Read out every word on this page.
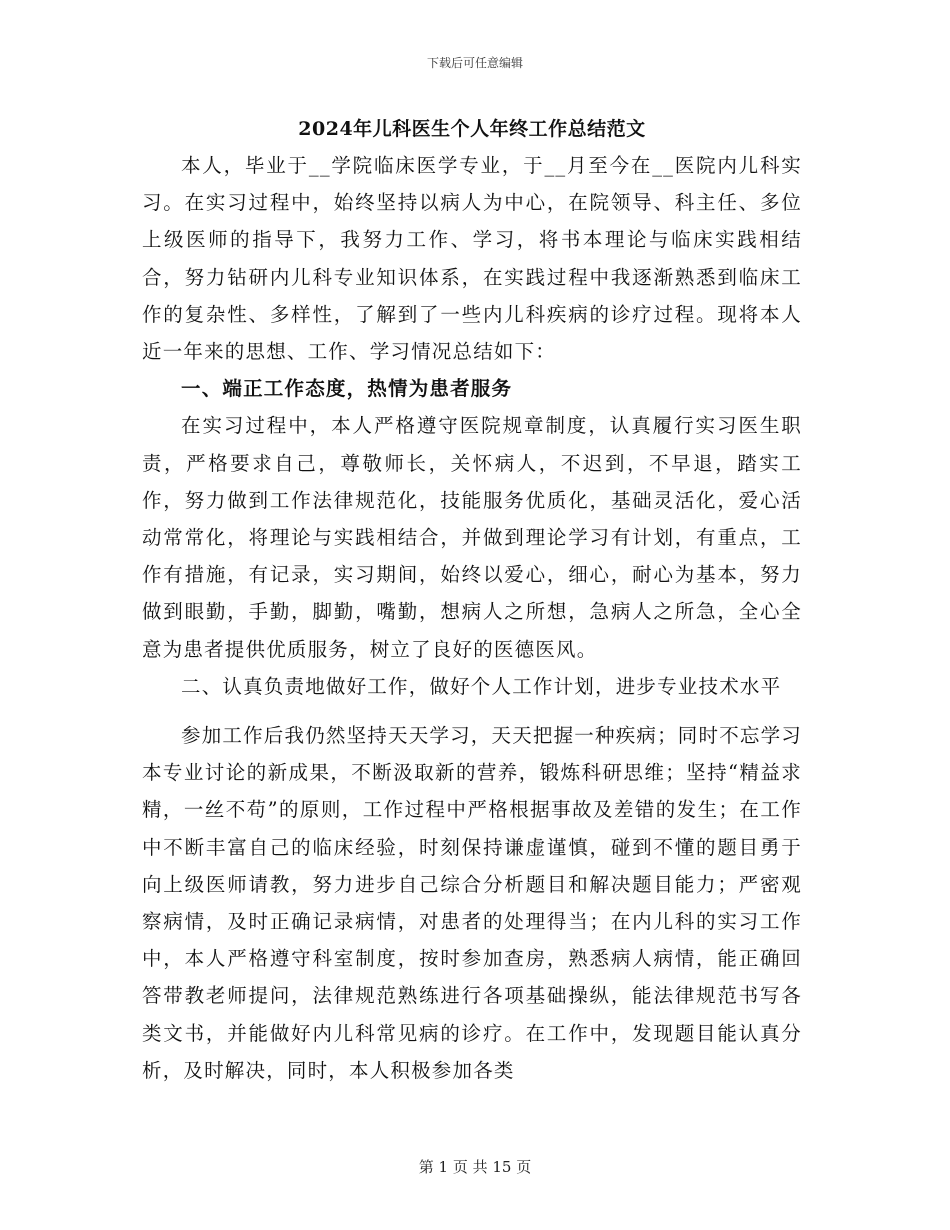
下载后可任意编辑
2024年儿科医生个人年终工作总结范文

本人，毕业于__学院临床医学专业，于__月至今在__医院内儿科实习。在实习过程中，始终坚持以病人为中心，在院领导、科主任、多位上级医师的指导下，我努力工作、学习，将书本理论与临床实践相结合，努力钻研内儿科专业知识体系，在实践过程中我逐渐熟悉到临床工作的复杂性、多样性，了解到了一些内儿科疾病的诊疗过程。现将本人近一年来的思想、工作、学习情况总结如下：

一、端正工作态度，热情为患者服务

在实习过程中，本人严格遵守医院规章制度，认真履行实习医生职责，严格要求自己，尊敬师长，关怀病人，不迟到，不早退，踏实工作，努力做到工作法律规范化，技能服务优质化，基础灵活化，爱心活动常常化，将理论与实践相结合，并做到理论学习有计划，有重点，工作有措施，有记录，实习期间，始终以爱心，细心，耐心为基本，努力做到眼勤，手勤，脚勤，嘴勤，想病人之所想，急病人之所急，全心全意为患者提供优质服务，树立了良好的医德医风。

二、认真负责地做好工作，做好个人工作计划，进步专业技术水平

参加工作后我仍然坚持天天学习，天天把握一种疾病；同时不忘学习本专业讨论的新成果，不断汲取新的营养，锻炼科研思维；坚持“精益求精，一丝不苟”的原则，工作过程中严格根据事故及差错的发生；在工作中不断丰富自己的临床经验，时刻保持谦虚谨慎，碰到不懂的题目勇于向上级医师请教，努力进步自己综合分析题目和解决题目能力；严密观察病情，及时正确记录病情，对患者的处理得当；在内儿科的实习工作中，本人严格遵守科室制度，按时参加查房，熟悉病人病情，能正确回答带教老师提问，法律规范熟练进行各项基础操纵，能法律规范书写各类文书，并能做好内儿科常见病的诊疗。在工作中，发现题目能认真分析，及时解决，同时，本人积极参加各类

第 1 页 共 15 页
